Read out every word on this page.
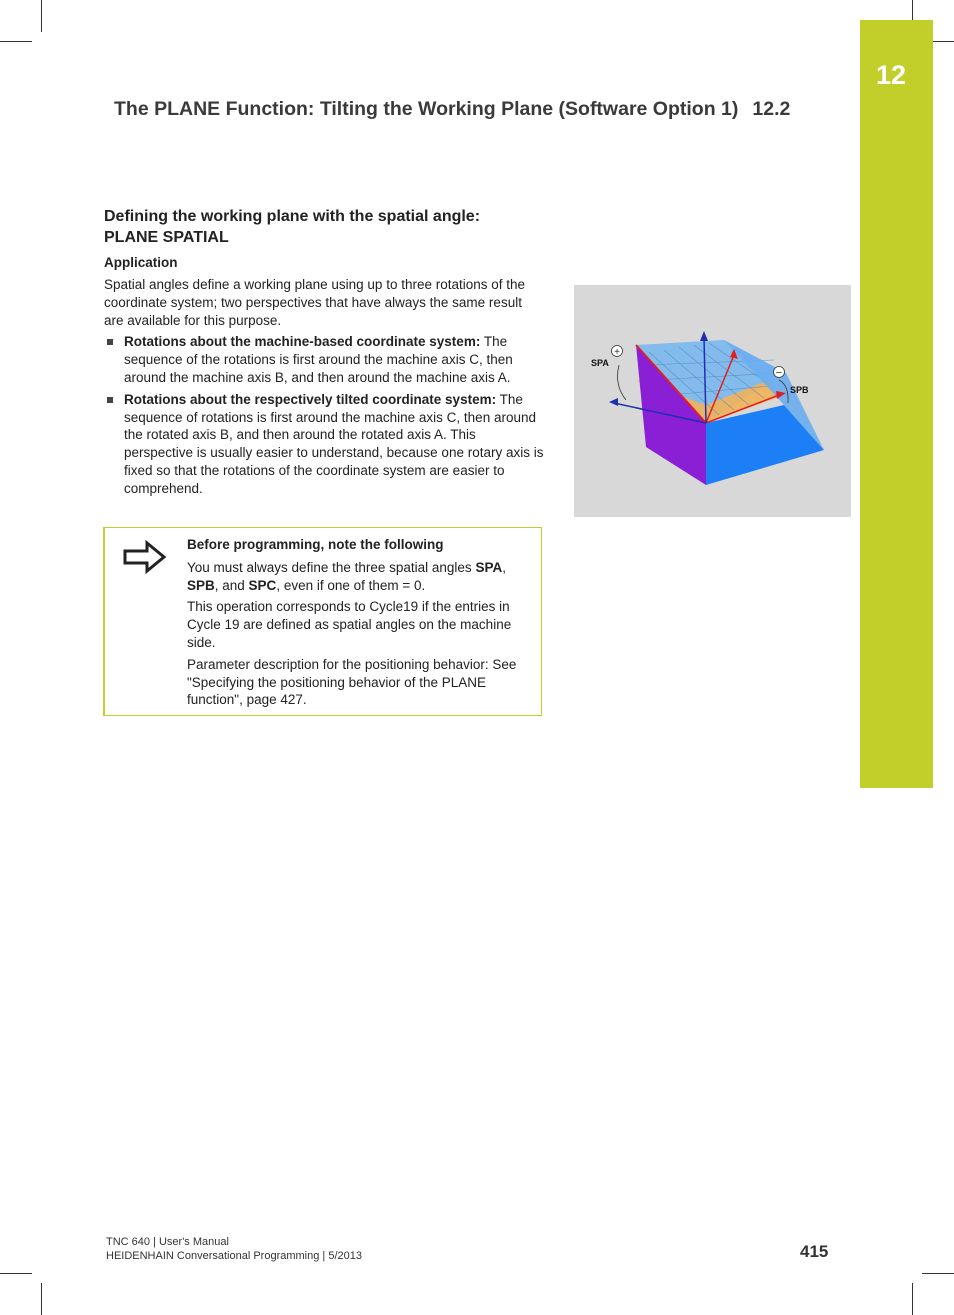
12
The PLANE Function: Tilting the Working Plane (Software Option 1) 12.2
Defining the working plane with the spatial angle:
PLANE SPATIAL
Application

Spatial angles define a working plane using up to three rotations of the coordinate system; two perspectives that have always the same result are available for this purpose.

Rotations about the machine-based coordinate system: The sequence of the rotations is first around the machine axis C, then around the machine axis B, and then around the machine axis A.
Rotations about the respectively tilted coordinate system: The sequence of rotations is first around the machine axis C, then around the rotated axis B, and then around the rotated axis A. This perspective is usually easier to understand, because one rotary axis is fixed so that the rotations of the coordinate system are easier to comprehend.

Before programming, note the following

You must always define the three spatial angles SPA,
SPB, and SPC, even if one of them = 0.

This operation corresponds to Cycle19 if the entries in Cycle 19 are defined as spatial angles on the machine side.

Parameter description for the positioning behavior: See "Specifying the positioning behavior of the PLANE function", page 427.

+
SPA
−
SPB
TNC 640 | User's Manual
HEIDENHAIN Conversational Programming | 5/2013	415
